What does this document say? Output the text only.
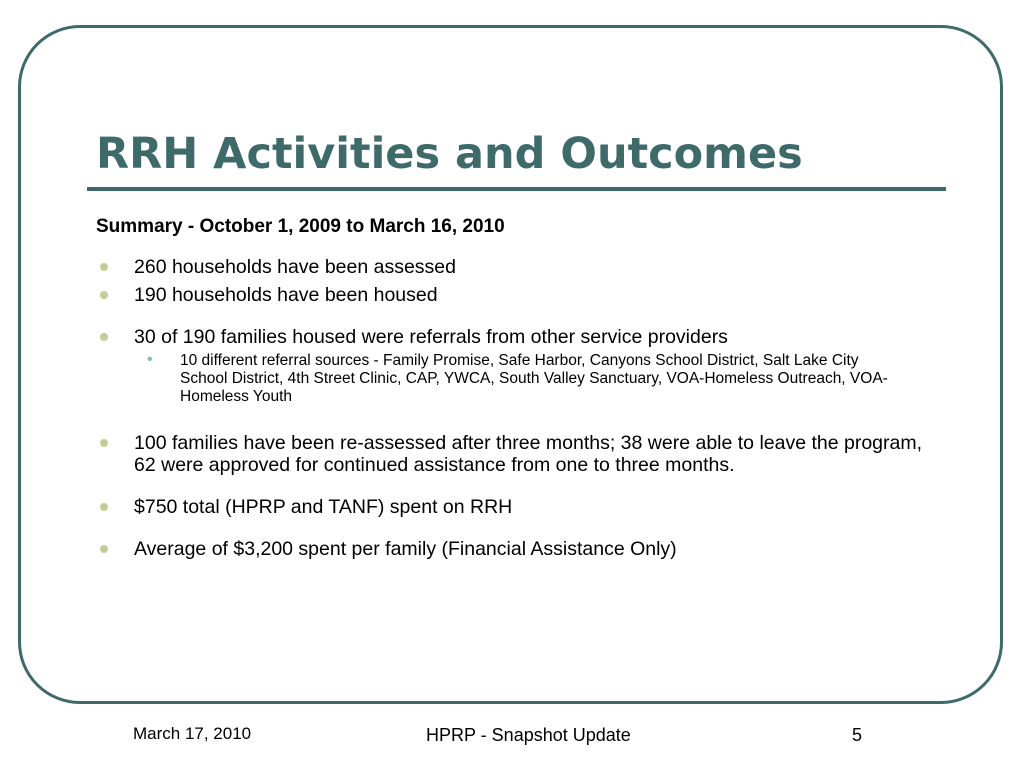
RRH Activities and Outcomes

Summary - October 1, 2009 to March 16, 2010

260 households have been assessed
190 households have been housed
30 of 190 families housed were referrals from other service providers
• 10 different referral sources - Family Promise, Safe Harbor, Canyons School District, Salt Lake City School District, 4th Street Clinic, CAP, YWCA, South Valley Sanctuary, VOA-Homeless Outreach, VOA-Homeless Youth
100 families have been re-assessed after three months; 38 were able to leave the program, 62 were approved for continued assistance from one to three months.
$750 total (HPRP and TANF) spent on RRH
Average of $3,200 spent per family (Financial Assistance Only)
March 17, 2010	HPRP - Snapshot Update	5
